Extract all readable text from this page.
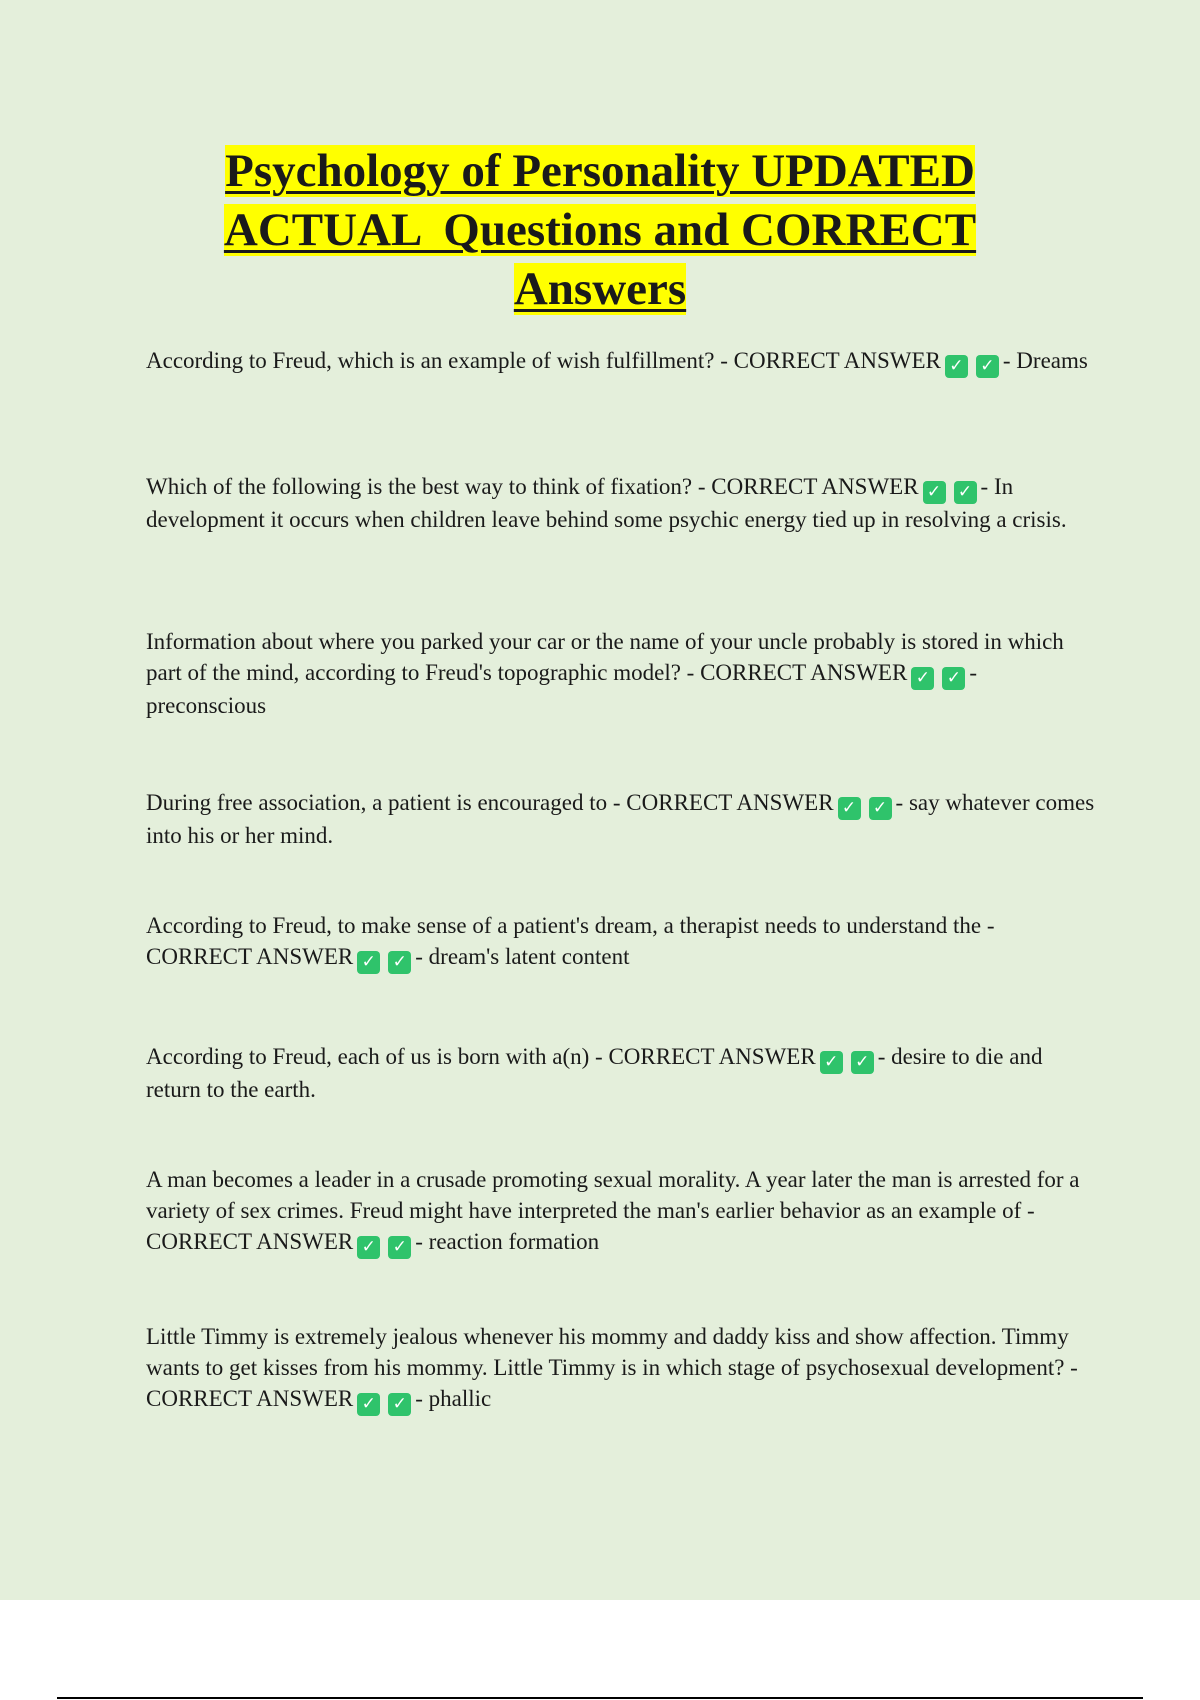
Psychology of Personality UPDATED
ACTUAL  Questions and CORRECT
Answers

According to Freud, which is an example of wish fulfillment? - CORRECT ANSWER ✓ ✓ - Dreams

Which of the following is the best way to think of fixation? - CORRECT ANSWER ✓ ✓ - In development it occurs when children leave behind some psychic energy tied up in resolving a crisis.

Information about where you parked your car or the name of your uncle probably is stored in which part of the mind, according to Freud's topographic model? - CORRECT ANSWER ✓ ✓ - preconscious

During free association, a patient is encouraged to - CORRECT ANSWER ✓ ✓ - say whatever comes into his or her mind.

According to Freud, to make sense of a patient's dream, a therapist needs to understand the - CORRECT ANSWER ✓ ✓ - dream's latent content

According to Freud, each of us is born with a(n) - CORRECT ANSWER ✓ ✓ - desire to die and return to the earth.

A man becomes a leader in a crusade promoting sexual morality. A year later the man is arrested for a variety of sex crimes. Freud might have interpreted the man's earlier behavior as an example of - CORRECT ANSWER ✓ ✓ - reaction formation

Little Timmy is extremely jealous whenever his mommy and daddy kiss and show affection. Timmy wants to get kisses from his mommy. Little Timmy is in which stage of psychosexual development? - CORRECT ANSWER ✓ ✓ - phallic
